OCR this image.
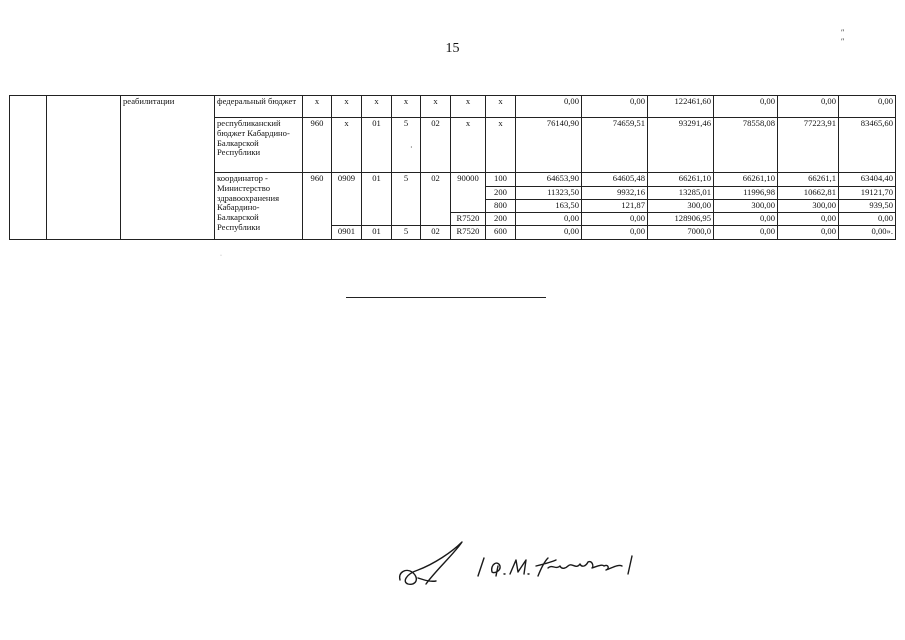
15
″ ″
		реабилитации	федеральный бюджет	х	х	х	х	х	х	х	0,00	0,00	122461,60	0,00	0,00	0,00
			республиканский бюджет Кабардино-Балкарской Республики	960	х	01	5	02	х	х	76140,90	74659,51	93291,46	78558,08	77223,91	83465,60
			координатор - Министерство здравоохранения Кабардино-Балкарской Республики	960	0909	01	5	02	90000	100	64653,90	64605,48	66261,10	66261,10	66261,1	63404,40
										200	11323,50	9932,16	13285,01	11996,98	10662,81	19121,70
										800	163,50	121,87	300,00	300,00	300,00	939,50
									R7520	200	0,00	0,00	128906,95	0,00	0,00	0,00
					0901	01	5	02	R7520	600	0,00	0,00	7000,0	0,00	0,00	0,00».
·
·
